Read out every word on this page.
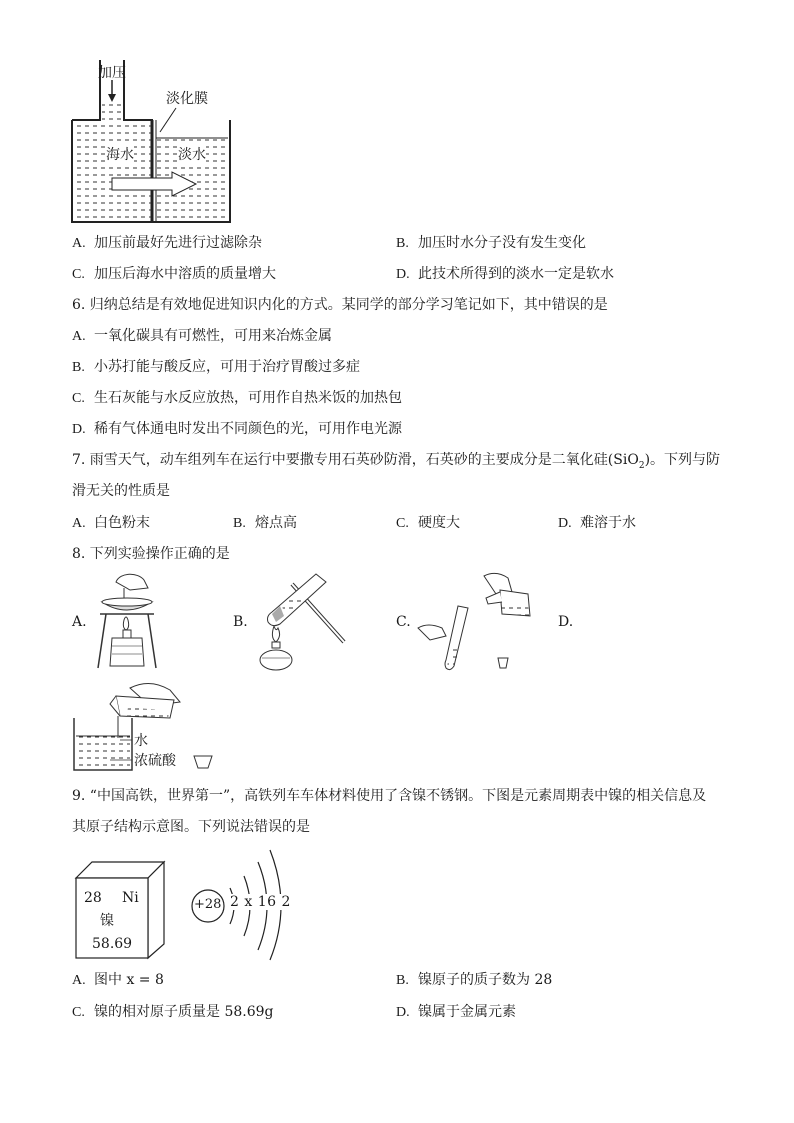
加压
淡化膜
海水	淡水
A. 加压前最好先进行过滤除杂	B. 加压时水分子没有发生变化
C. 加压后海水中溶质的质量增大	D. 此技术所得到的淡水一定是软水
6. 归纳总结是有效地促进知识内化的方式。某同学的部分学习笔记如下，其中错误的是
A. 一氧化碳具有可燃性，可用来冶炼金属
B. 小苏打能与酸反应，可用于治疗胃酸过多症
C. 生石灰能与水反应放热，可用作自热米饭的加热包
D. 稀有气体通电时发出不同颜色的光，可用作电光源
7. 雨雪天气，动车组列车在运行中要撒专用石英砂防滑，石英砂的主要成分是二氧化硅(SiO$_2$)。下列与防
滑无关的性质是
A. 白色粉末	B. 熔点高	C. 硬度大	D. 难溶于水
8. 下列实验操作正确的是
A.	B.	C.	D.
水
浓硫酸
9. “中国高铁，世界第一”，高铁列车车体材料使用了含镍不锈钢。下图是元素周期表中镍的相关信息及
其原子结构示意图。下列说法错误的是
28 Ni
镍
58.69
+28 2 x 16 2
A. 图中 x = 8	B. 镍原子的质子数为 28
C. 镍的相对原子质量是 58.69g	D. 镍属于金属元素
